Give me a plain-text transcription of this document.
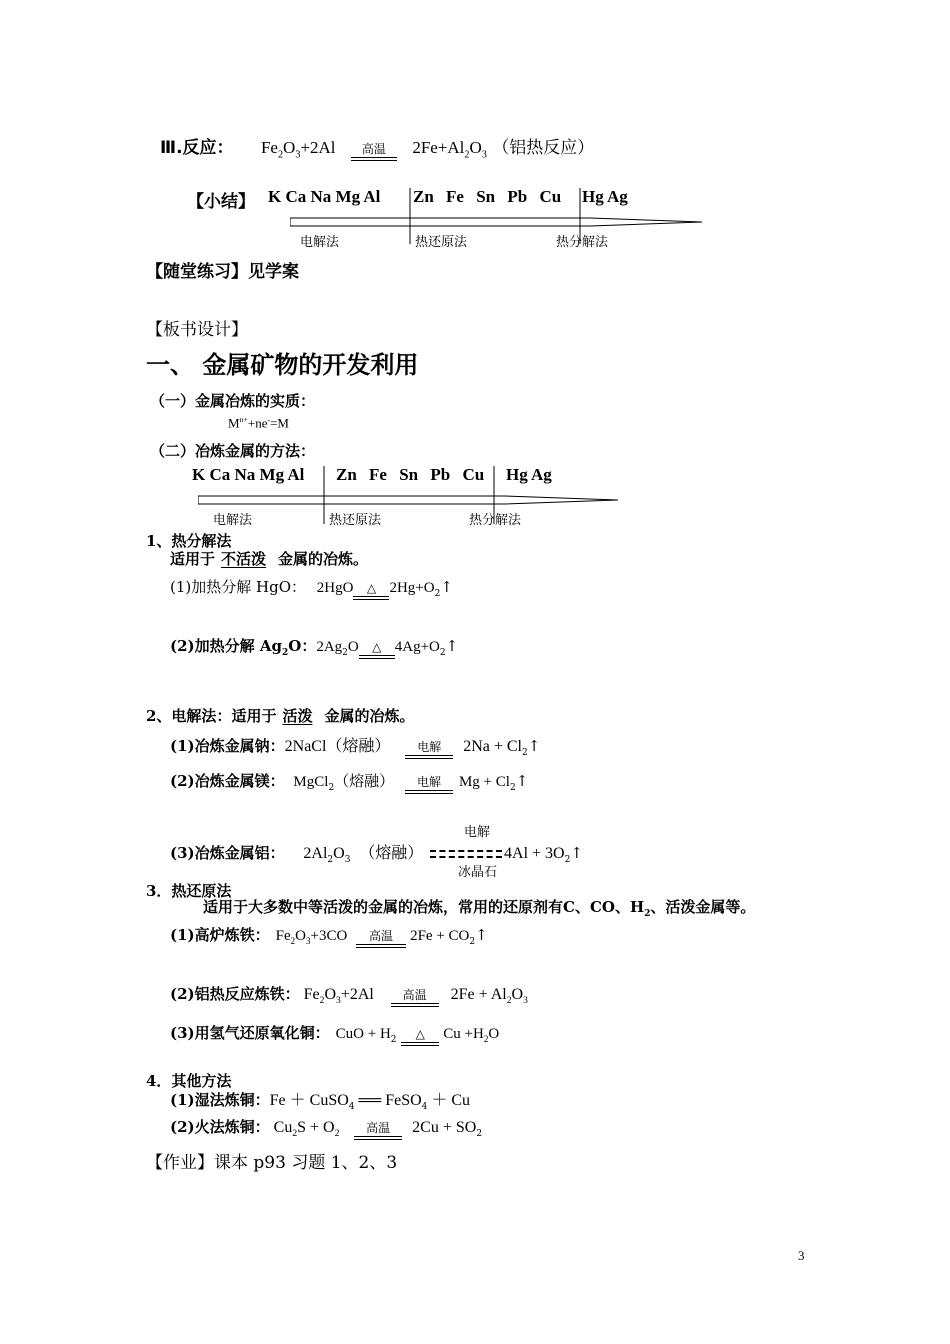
Ⅲ.反应： $Fe_2O_3+2Al$	高温	$2Fe+Al_2O_3$ （铝热反应）
【小结】 K Ca Na Mg Al Zn Fe Sn Pb Cu Hg Ag
电解法	热还原法	热分解法
【随堂练习】见学案
【板书设计】
一、 金属矿物的开发利用
（一）金属冶炼的实质：
$M^{n+}+ne^-=M$
（二）冶炼金属的方法：
K Ca Na Mg Al Zn Fe Sn Pb Cu Hg Ag
电解法	热还原法	热分解法
1、热分解法
适用于 不活泼 金属的冶炼。
(1)加热分解 HgO： 2HgO	△ $2Hg+O_2↑$
(2)加热分解 $Ag_2O$：$2Ag_2O$	△ $4Ag+O_2↑$
2、电解法：适用于 活泼 金属的冶炼。
(1)冶炼金属钠：2NaCl（熔融）	电解	$2Na + Cl_2↑$
(2)冶炼金属镁： MgCl$_2$（熔融）	电解	$Mg + Cl_2↑$
电解
(3)冶炼金属铝： $2Al_2O_3$ （熔融）	$4Al + 3O_2↑$
冰晶石
3．热还原法
适用于大多数中等活泼的金属的冶炼，常用的还原剂有C、CO、$H_2$、活泼金属等。
(1)高炉炼铁： $Fe_2O_3+3CO$	高温	$2Fe + CO_2↑$
(2)铝热反应炼铁： $Fe_2O_3+2Al$	高温	$2Fe + Al_2O_3$
(3)用氢气还原氧化铜： CuO + $H_2$	△	$Cu +H_2O$
4．其他方法
(1)湿法炼铜：Fe ＋ CuSO$_4$ ══ FeSO$_4$ ＋ Cu
(2)火法炼铜： $Cu_2S + O_2$	高温	$2Cu + SO_2$
【作业】课本 p93 习题 1、2、3
3
